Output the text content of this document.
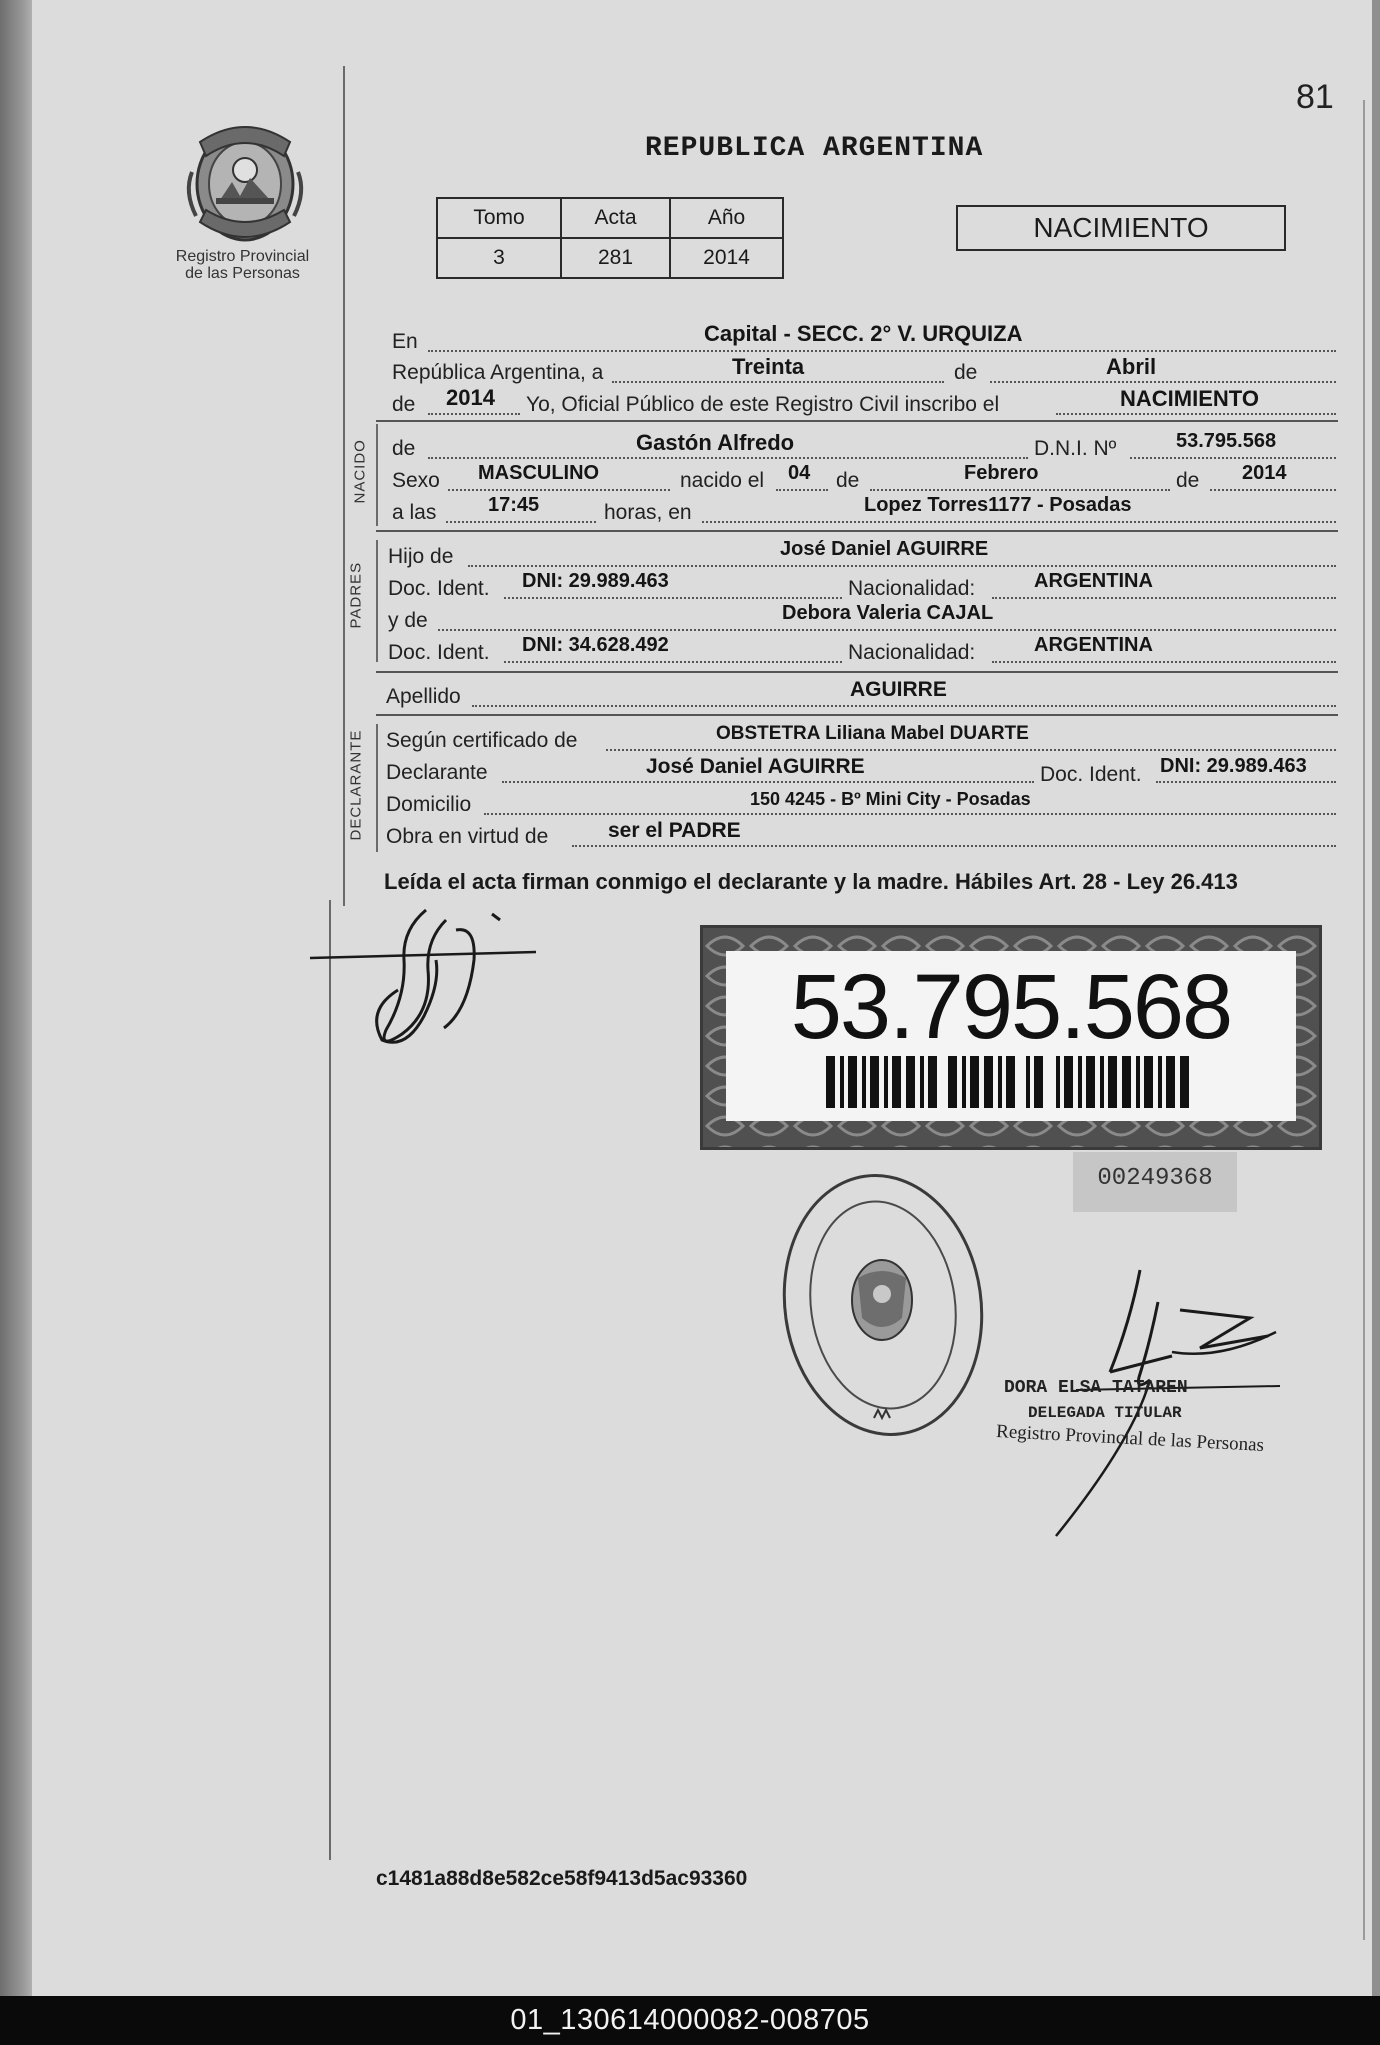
81
REPUBLICA ARGENTINA
Registro Provincial
de las Personas
Tomo	Acta	Año
3	281	2014
NACIMIENTO
En	Capital - SECC. 2° V. URQUIZA
República Argentina, a	Treinta	de	Abril
de 2014 Yo, Oficial Público de este Registro Civil inscribo el	NACIMIENTO
NACIDO de	Gastón Alfredo	D.N.I. Nº	53.795.568
Sexo MASCULINO	nacido el 04 de	Febrero	de 2014
a las	17:45	horas, en	Lopez Torres1177 - Posadas
PADRES
Hijo de	José Daniel AGUIRRE
Doc. Ident. DNI: 29.989.463	Nacionalidad:	ARGENTINA
y de	Debora Valeria CAJAL
Doc. Ident. DNI: 34.628.492	Nacionalidad:	ARGENTINA
Apellido	AGUIRRE
DECLARANTE Según certificado de	OBSTETRA Liliana Mabel DUARTE
Declarante	José Daniel AGUIRRE	Doc. Ident. DNI: 29.989.463
Domicilio	150 4245 - Bº Mini City - Posadas
Obra en virtud de	ser el PADRE
Leída el acta firman conmigo el declarante y la madre. Hábiles Art. 28 - Ley 26.413
53.795.568
00249368
DORA ELSA TATAREN
DELEGADA TITULAR
Registro Provincial de las Personas
c1481a88d8e582ce58f9413d5ac93360
01_130614000082-008705
